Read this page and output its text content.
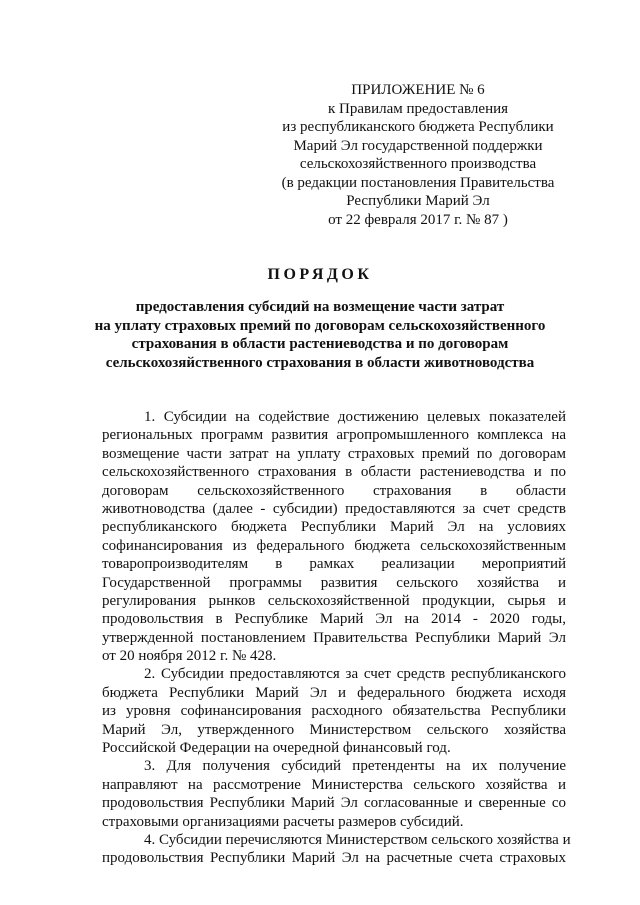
ПРИЛОЖЕНИЕ № 6
к Правилам предоставления
из республиканского бюджета Республики
Марий Эл государственной поддержки
сельскохозяйственного производства
(в редакции постановления Правительства
Республики Марий Эл
от 22 февраля 2017 г. № 87 )
ПОРЯДОК
предоставления субсидий на возмещение части затрат
на уплату страховых премий по договорам сельскохозяйственного
страхования в области растениеводства и по договорам
сельскохозяйственного страхования в области животноводства
1. Субсидии на содействие достижению целевых показателей
региональных программ развития агропромышленного комплекса на
возмещение части затрат на уплату страховых премий по договорам
сельскохозяйственного страхования в области растениеводства и по
договорам сельскохозяйственного страхования в области
животноводства (далее - субсидии) предоставляются за счет средств
республиканского бюджета Республики Марий Эл на условиях
софинансирования из федерального бюджета сельскохозяйственным
товаропроизводителям в рамках реализации мероприятий
Государственной программы развития сельского хозяйства и
регулирования рынков сельскохозяйственной продукции, сырья и
продовольствия в Республике Марий Эл на 2014 - 2020 годы,
утвержденной постановлением Правительства Республики Марий Эл
от 20 ноября 2012 г. № 428.
2. Субсидии предоставляются за счет средств республиканского
бюджета Республики Марий Эл и федерального бюджета исходя
из уровня софинансирования расходного обязательства Республики
Марий Эл, утвержденного Министерством сельского хозяйства
Российской Федерации на очередной финансовый год.
3. Для получения субсидий претенденты на их получение
направляют на рассмотрение Министерства сельского хозяйства и
продовольствия Республики Марий Эл согласованные и сверенные со
страховыми организациями расчеты размеров субсидий.
4. Субсидии перечисляются Министерством сельского хозяйства и
продовольствия Республики Марий Эл на расчетные счета страховых
